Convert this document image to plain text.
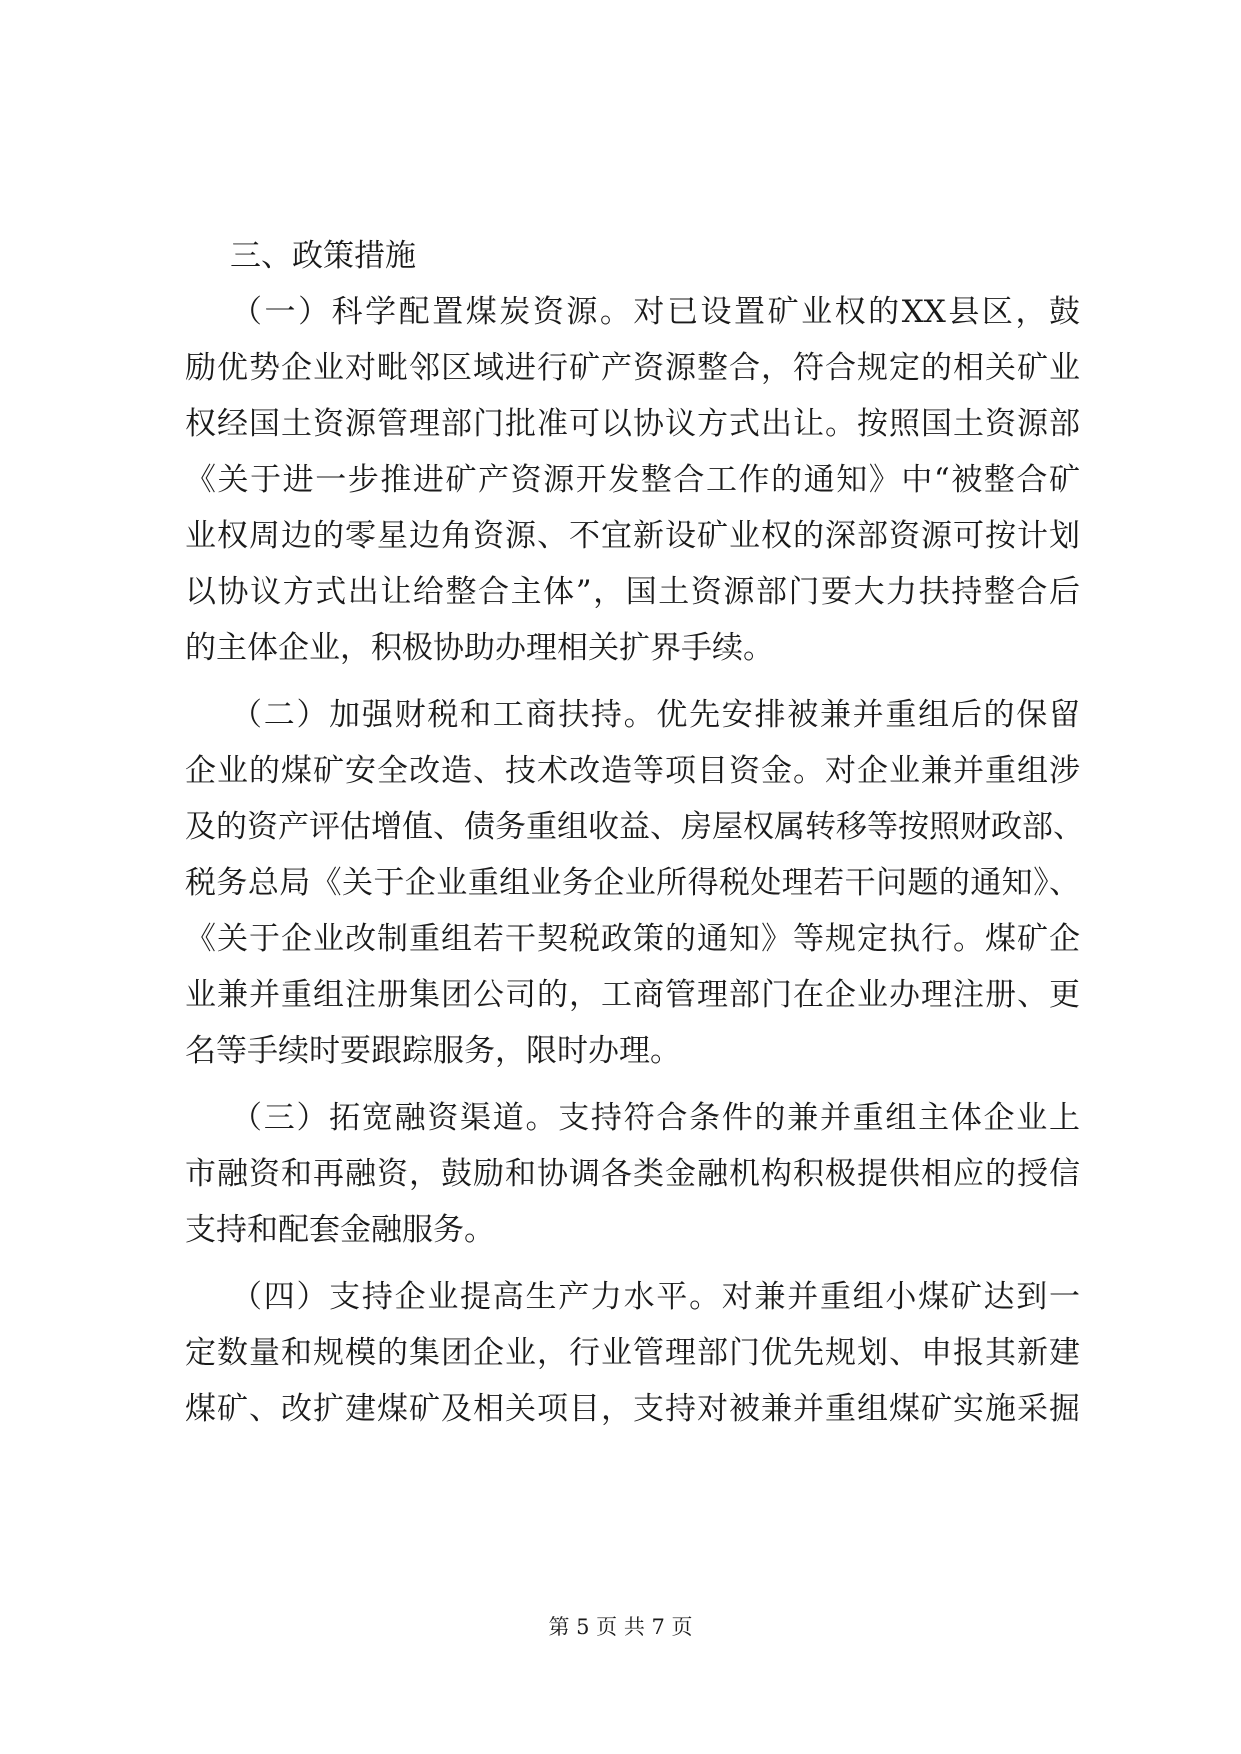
三、政策措施
（一）科学配置煤炭资源。对已设置矿业权的XX县区，鼓
励优势企业对毗邻区域进行矿产资源整合，符合规定的相关矿业
权经国土资源管理部门批准可以协议方式出让。按照国土资源部
《关于进一步推进矿产资源开发整合工作的通知》中“被整合矿
业权周边的零星边角资源、不宜新设矿业权的深部资源可按计划
以协议方式出让给整合主体”，国土资源部门要大力扶持整合后
的主体企业，积极协助办理相关扩界手续。
（二）加强财税和工商扶持。优先安排被兼并重组后的保留
企业的煤矿安全改造、技术改造等项目资金。对企业兼并重组涉
及的资产评估增值、债务重组收益、房屋权属转移等按照财政部、
税务总局《关于企业重组业务企业所得税处理若干问题的通知》、
《关于企业改制重组若干契税政策的通知》等规定执行。煤矿企
业兼并重组注册集团公司的，工商管理部门在企业办理注册、更
名等手续时要跟踪服务，限时办理。
（三）拓宽融资渠道。支持符合条件的兼并重组主体企业上
市融资和再融资，鼓励和协调各类金融机构积极提供相应的授信
支持和配套金融服务。
（四）支持企业提高生产力水平。对兼并重组小煤矿达到一
定数量和规模的集团企业，行业管理部门优先规划、申报其新建
煤矿、改扩建煤矿及相关项目，支持对被兼并重组煤矿实施采掘
第 5 页 共 7 页
